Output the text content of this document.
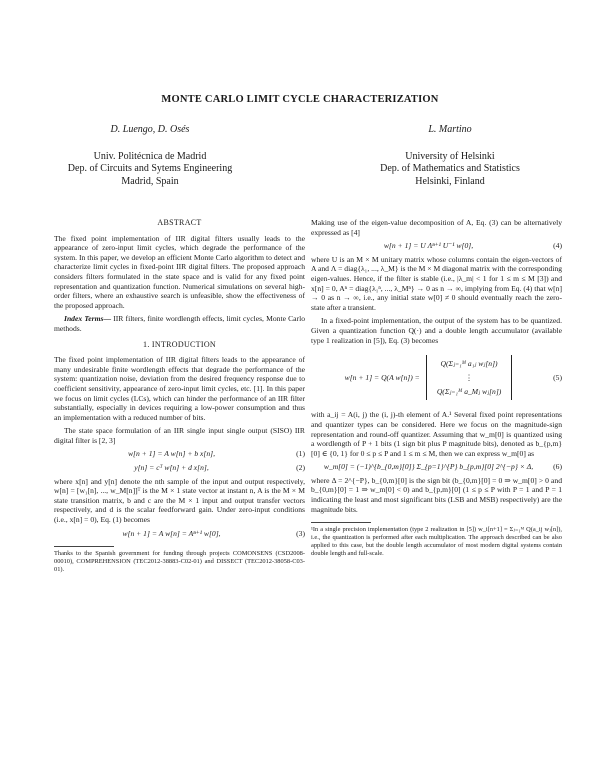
MONTE CARLO LIMIT CYCLE CHARACTERIZATION
D. Luengo, D. Osés
Univ. Politécnica de Madrid
Dep. of Circuits and Sytems Engineering
Madrid, Spain
L. Martino
University of Helsinki
Dep. of Mathematics and Statistics
Helsinki, Finland
ABSTRACT

The fixed point implementation of IIR digital filters usually leads to the appearance of zero-input limit cycles, which degrade the performance of the system. In this paper, we develop an efficient Monte Carlo algorithm to detect and characterize limit cycles in fixed-point IIR digital filters. The proposed approach considers filters formulated in the state space and is valid for any fixed point representation and quantization function. Numerical simulations on several high-order filters, where an exhaustive search is unfeasible, show the effectiveness of the proposed approach.

Index Terms— IIR filters, finite wordlength effects, limit cycles, Monte Carlo methods.

1. INTRODUCTION

The fixed point implementation of IIR digital filters leads to the appearance of many undesirable finite wordlength effects that degrade the performance of the system: quantization noise, deviation from the desired frequency response due to coefficient sensitivity, appearance of zero-input limit cycles, etc. [1]. In this paper we focus on limit cycles (LCs), which can hinder the performance of an IIR filter substantially, especially in devices requiring a low-power consumption and thus an implementation with a reduced number of bits.

The state space formulation of an IIR single input single output (SISO) IIR digital filter is [2, 3]

w[n + 1] = A w[n] + b x[n],	(1)
y[n] = cᵀ w[n] + d x[n],	(2)

where x[n] and y[n] denote the nth sample of the input and output respectively, w[n] = [w₁[n], ..., w_M[n]]ᵀ is the M × 1 state vector at instant n, A is the M × M state transition matrix, b and c are the M × 1 input and output transfer vectors respectively, and d is the scalar feedforward gain. Under zero-input conditions (i.e., x[n] = 0), Eq. (1) becomes

w[n + 1] = A w[n] = Aⁿ⁺¹ w[0],	(3)
Thanks to the Spanish government for funding through projects COMONSENS (CSD2008-00010), COMPREHENSION (TEC2012-38883-C02-01) and DISSECT (TEC2012-38058-C03-01).

Making use of the eigen-value decomposition of A, Eq. (3) can be alternatively expressed as [4]

w[n + 1] = U Λⁿ⁺¹ U⁻¹ w[0],	(4)

where U is an M × M unitary matrix whose columns contain the eigen-vectors of A and Λ = diag{λ₁, ..., λ_M} is the M × M diagonal matrix with the corresponding eigen-values. Hence, if the filter is stable (i.e., |λ_m| < 1 for 1 ≤ m ≤ M [3]) and x[n] = 0, Aⁿ = diag{λ₁ⁿ, ..., λ_Mⁿ} → 0 as n → ∞, implying from Eq. (4) that w[n] → 0 as n → ∞, i.e., any initial state w[0] ≠ 0 should eventually reach the zero-state after a transient.

In a fixed-point implementation, the output of the system has to be quantized. Given a quantization function Q(·) and a double length accumulator (available type 1 realization in [5]), Eq. (3) becomes

w[n + 1] = Q(A w[n]) =
Q(Σⱼ₌₁ᴹ a₁ⱼ wⱼ[n])
⋮
Q(Σⱼ₌₁ᴹ a_Mⱼ wⱼ[n])
(5)

with a_ij = A(i, j) the (i, j)-th element of A.¹ Several fixed point representations and quantizer types can be considered. Here we focus on the magnitude-sign representation and round-off quantizer. Assuming that w_m[0] is quantized using a wordlength of P + 1 bits (1 sign bit plus P magnitude bits), denoted as b_{p,m}[0] ∈ {0, 1} for 0 ≤ p ≤ P and 1 ≤ m ≤ M, then we can express w_m[0] as

w_m[0] = (−1)^{b_{0,m}[0]} Σ_{p=1}^{P} b_{p,m}[0] 2^{−p} × Δ,	(6)

where Δ = 2^{−P}, b_{0,m}[0] is the sign bit (b_{0,m}[0] = 0 ⇒ w_m[0] > 0 and b_{0,m}[0] = 1 ⇒ w_m[0] < 0) and b_{p,m}[0] (1 ≤ p ≤ P with P = 1 and P = 1 indicating the least and most significant bits (LSB and MSB) respectively) are the magnitude bits.

¹In a single precision implementation (type 2 realization in [5]) w_i[n+1] = Σⱼ₌₁ᴹ Q(a_ij wⱼ[n]), i.e., the quantization is performed after each multiplication. The approach described can be also applied to this case, but the double length accumulator of most modern digital systems contain double length and full-scale.
